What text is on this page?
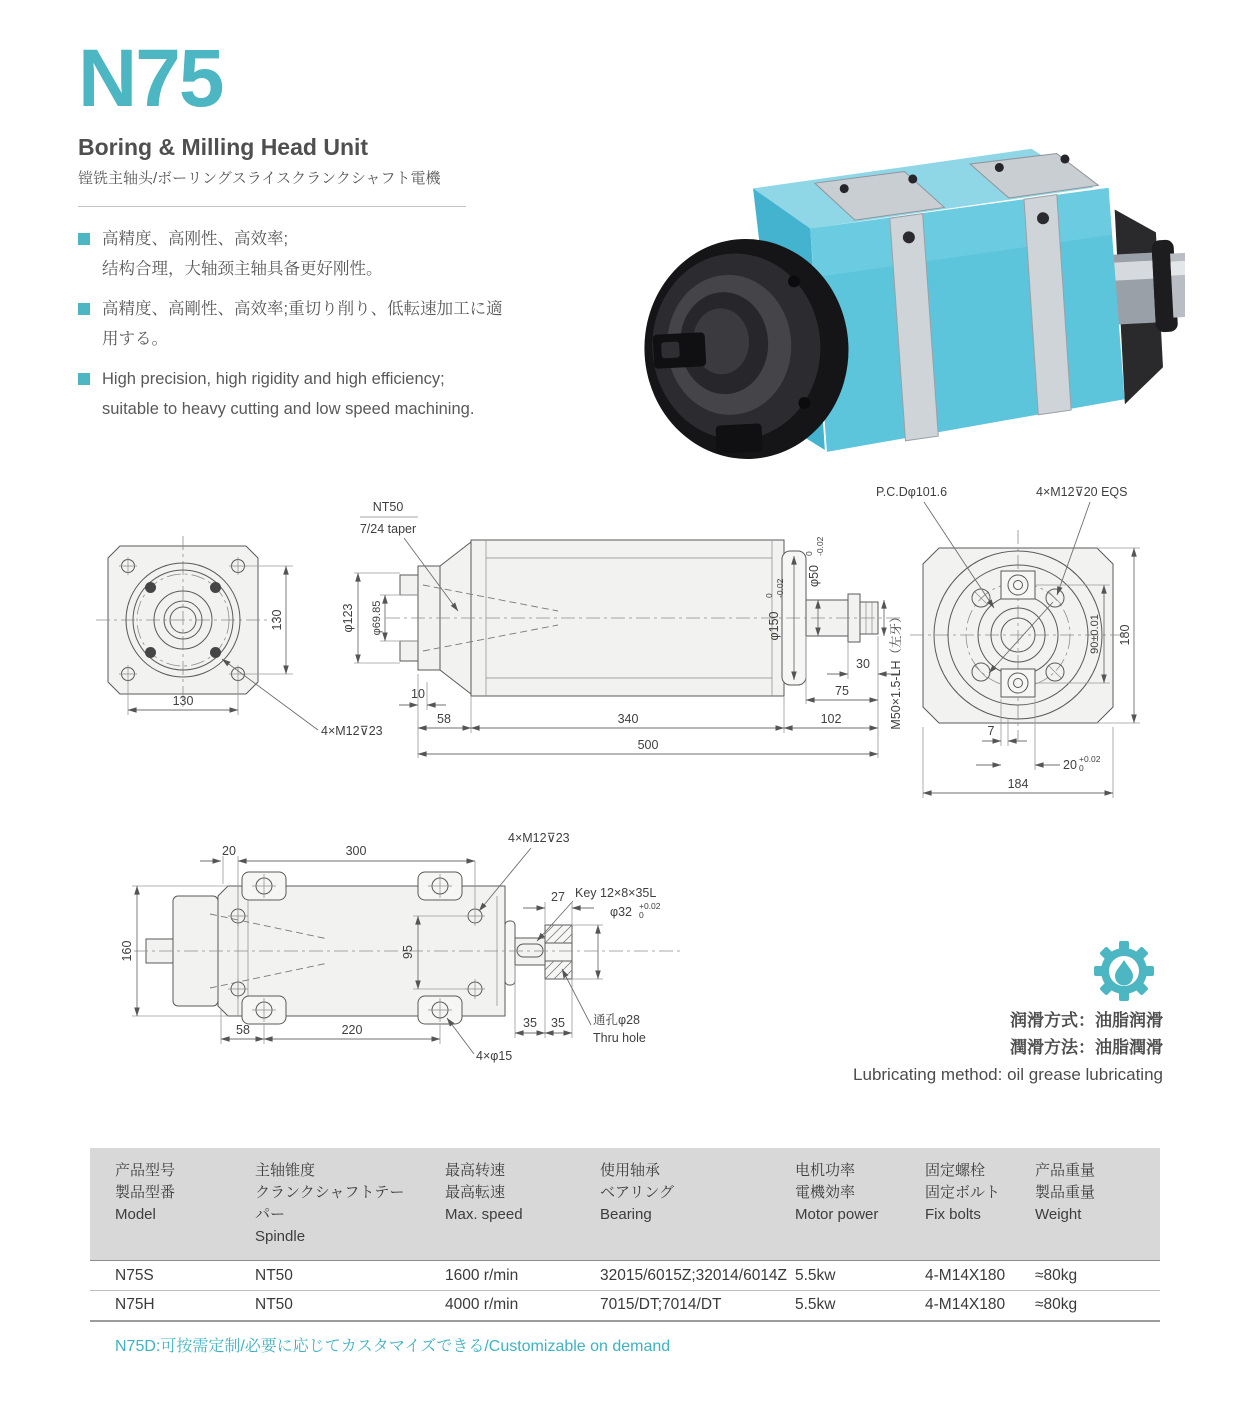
N75
Boring & Milling Head Unit
镗铣主轴头/ボーリングスライスクランクシャフト電機
高精度、高刚性、高效率;
结构合理，大轴颈主轴具备更好刚性。
高精度、高剛性、高效率;重切り削り、低転速加工に適
用する。
High precision, high rigidity and high efficiency;
suitable to heavy cutting and low speed machining.
130
130
4×M12⊽23
NT50
7/24 taper
φ123 φ69.85
10
58	340	102
500
30
75
φ150
0 -0.02
φ50
0 -0.02
M50×1.5-LH（左牙）
P.C.Dφ101.6	4×M12⊽20 EQS
180
90±0.01
7
20 +0.02
0
184
20	300
160
58	220
95
4×M12⊽23
Key 12×8×35L
27
φ32 +0.02
0
35 35 通孔φ28
Thru hole
4×φ15
润滑方式：油脂润滑
潤滑方法：油脂潤滑
Lubricating method: oil grease lubricating
产品型号
製品型番
Model	主轴锥度
クランクシャフトテーパー
Spindle	最高转速
最高転速
Max. speed	使用轴承
ベアリング
Bearing	电机功率
電機効率
Motor power	固定螺栓
固定ボルト
Fix bolts	产品重量
製品重量
Weight

N75S	NT50	1600 r/min	32015/6015Z;32014/6014Z	5.5kw	4-M14X180	≈80kg
N75H	NT50	4000 r/min	7015/DT;7014/DT	5.5kw	4-M14X180	≈80kg
N75D:可按需定制/必要に応じてカスタマイズできる/Customizable on demand
